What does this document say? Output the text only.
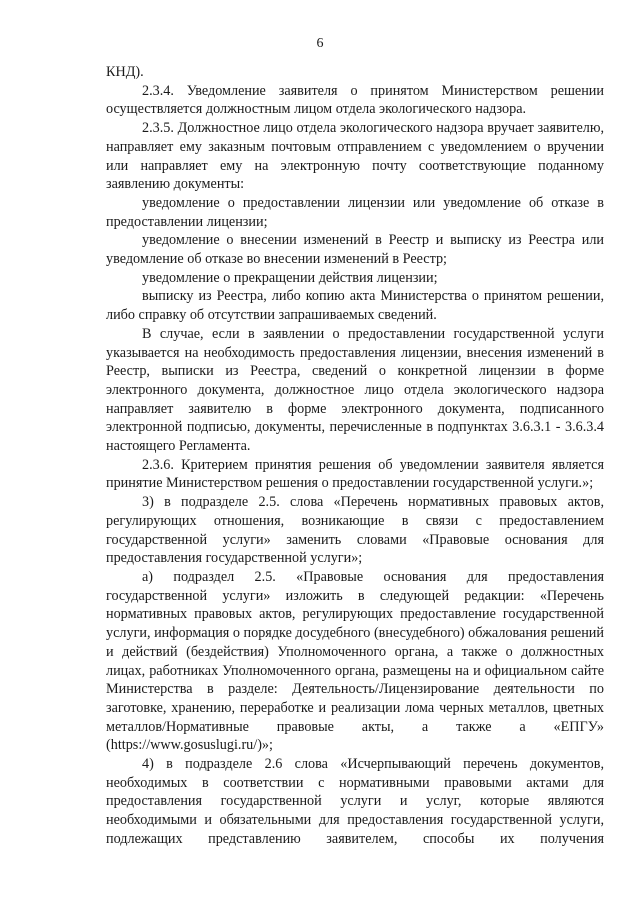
6

КНД).

2.3.4. Уведомление заявителя о принятом Министерством решении осуществляется должностным лицом отдела экологического надзора.

2.3.5. Должностное лицо отдела экологического надзора вручает заявителю, направляет ему заказным почтовым отправлением с уведомлением о вручении или направляет ему на электронную почту соответствующие поданному заявлению документы:

уведомление о предоставлении лицензии или уведомление об отказе в предоставлении лицензии;

уведомление о внесении изменений в Реестр и выписку из Реестра или уведомление об отказе во внесении изменений в Реестр;

уведомление о прекращении действия лицензии;

выписку из Реестра, либо копию акта Министерства о принятом решении, либо справку об отсутствии запрашиваемых сведений.

В случае, если в заявлении о предоставлении государственной услуги указывается на необходимость предоставления лицензии, внесения изменений в Реестр, выписки из Реестра, сведений о конкретной лицензии в форме электронного документа, должностное лицо отдела экологического надзора направляет заявителю в форме электронного документа, подписанного электронной подписью, документы, перечисленные в подпунктах 3.6.3.1 - 3.6.3.4 настоящего Регламента.

2.3.6. Критерием принятия решения об уведомлении заявителя является принятие Министерством решения о предоставлении государственной услуги.»;

3) в подразделе 2.5. слова «Перечень нормативных правовых актов, регулирующих отношения, возникающие в связи с предоставлением государственной услуги» заменить словами «Правовые основания для предоставления государственной услуги»;

а) подраздел 2.5. «Правовые основания для предоставления государственной услуги» изложить в следующей редакции: «Перечень нормативных правовых актов, регулирующих предоставление государственной услуги, информация о порядке досудебного (внесудебного) обжалования решений и действий (бездействия) Уполномоченного органа, а также о должностных лицах, работниках Уполномоченного органа, размещены на и официальном сайте Министерства в разделе: Деятельность/Лицензирование деятельности по заготовке, хранению, переработке и реализации лома черных металлов, цветных металлов/Нормативные правовые акты, а также а «ЕПГУ» (https://www.gosuslugi.ru/)»;

4) в подразделе 2.6 слова «Исчерпывающий перечень документов, необходимых в соответствии с нормативными правовыми актами для предоставления государственной услуги и услуг, которые являются необходимыми и обязательными для предоставления государственной услуги, подлежащих представлению заявителем, способы их получения
